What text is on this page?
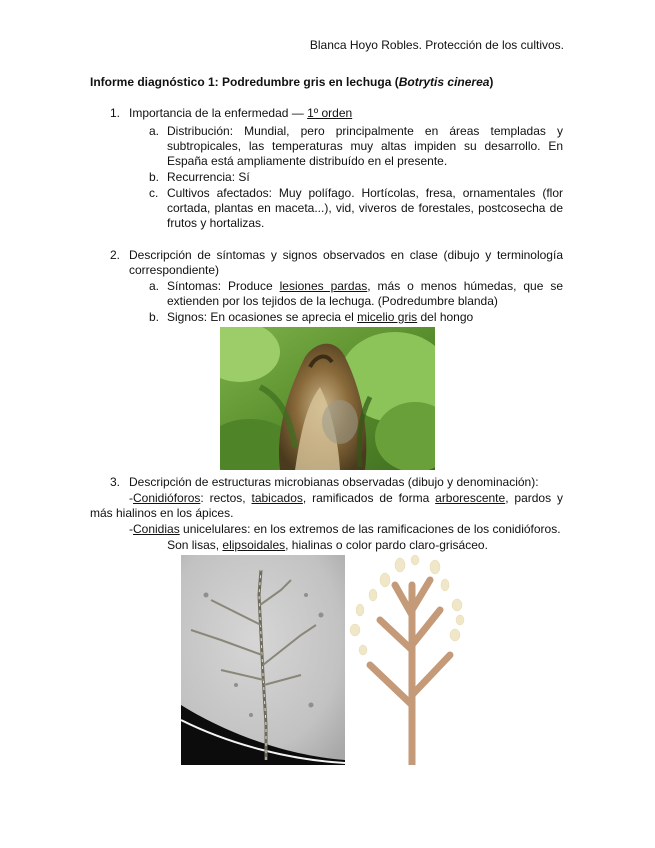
Blanca Hoyo Robles. Protección de los cultivos.
Informe diagnóstico 1: Podredumbre gris en lechuga (Botrytis cinerea)
1. Importancia de la enfermedad — 1º orden
a. Distribución: Mundial, pero principalmente en áreas templadas y subtropicales, las temperaturas muy altas impiden su desarrollo. En España está ampliamente distribuído en el presente.
b. Recurrencia: Sí
c. Cultivos afectados: Muy polífago. Hortícolas, fresa, ornamentales (flor cortada, plantas en maceta...), vid, viveros de forestales, postcosecha de frutos y hortalizas.
2. Descripción de síntomas y signos observados en clase (dibujo y terminología correspondiente)
a. Síntomas: Produce lesiones pardas, más o menos húmedas, que se extienden por los tejidos de la lechuga. (Podredumbre blanda)
b. Signos: En ocasiones se aprecia el micelio gris del hongo
3. Descripción de estructuras microbianas observadas (dibujo y denominación):
-Conidióforos: rectos, tabicados, ramificados de forma arborescente, pardos y más hialinos en los ápices.
-Conidias unicelulares: en los extremos de las ramificaciones de los conidióforos.
Son lisas, elipsoidales, hialinas o color pardo claro-grisáceo.
